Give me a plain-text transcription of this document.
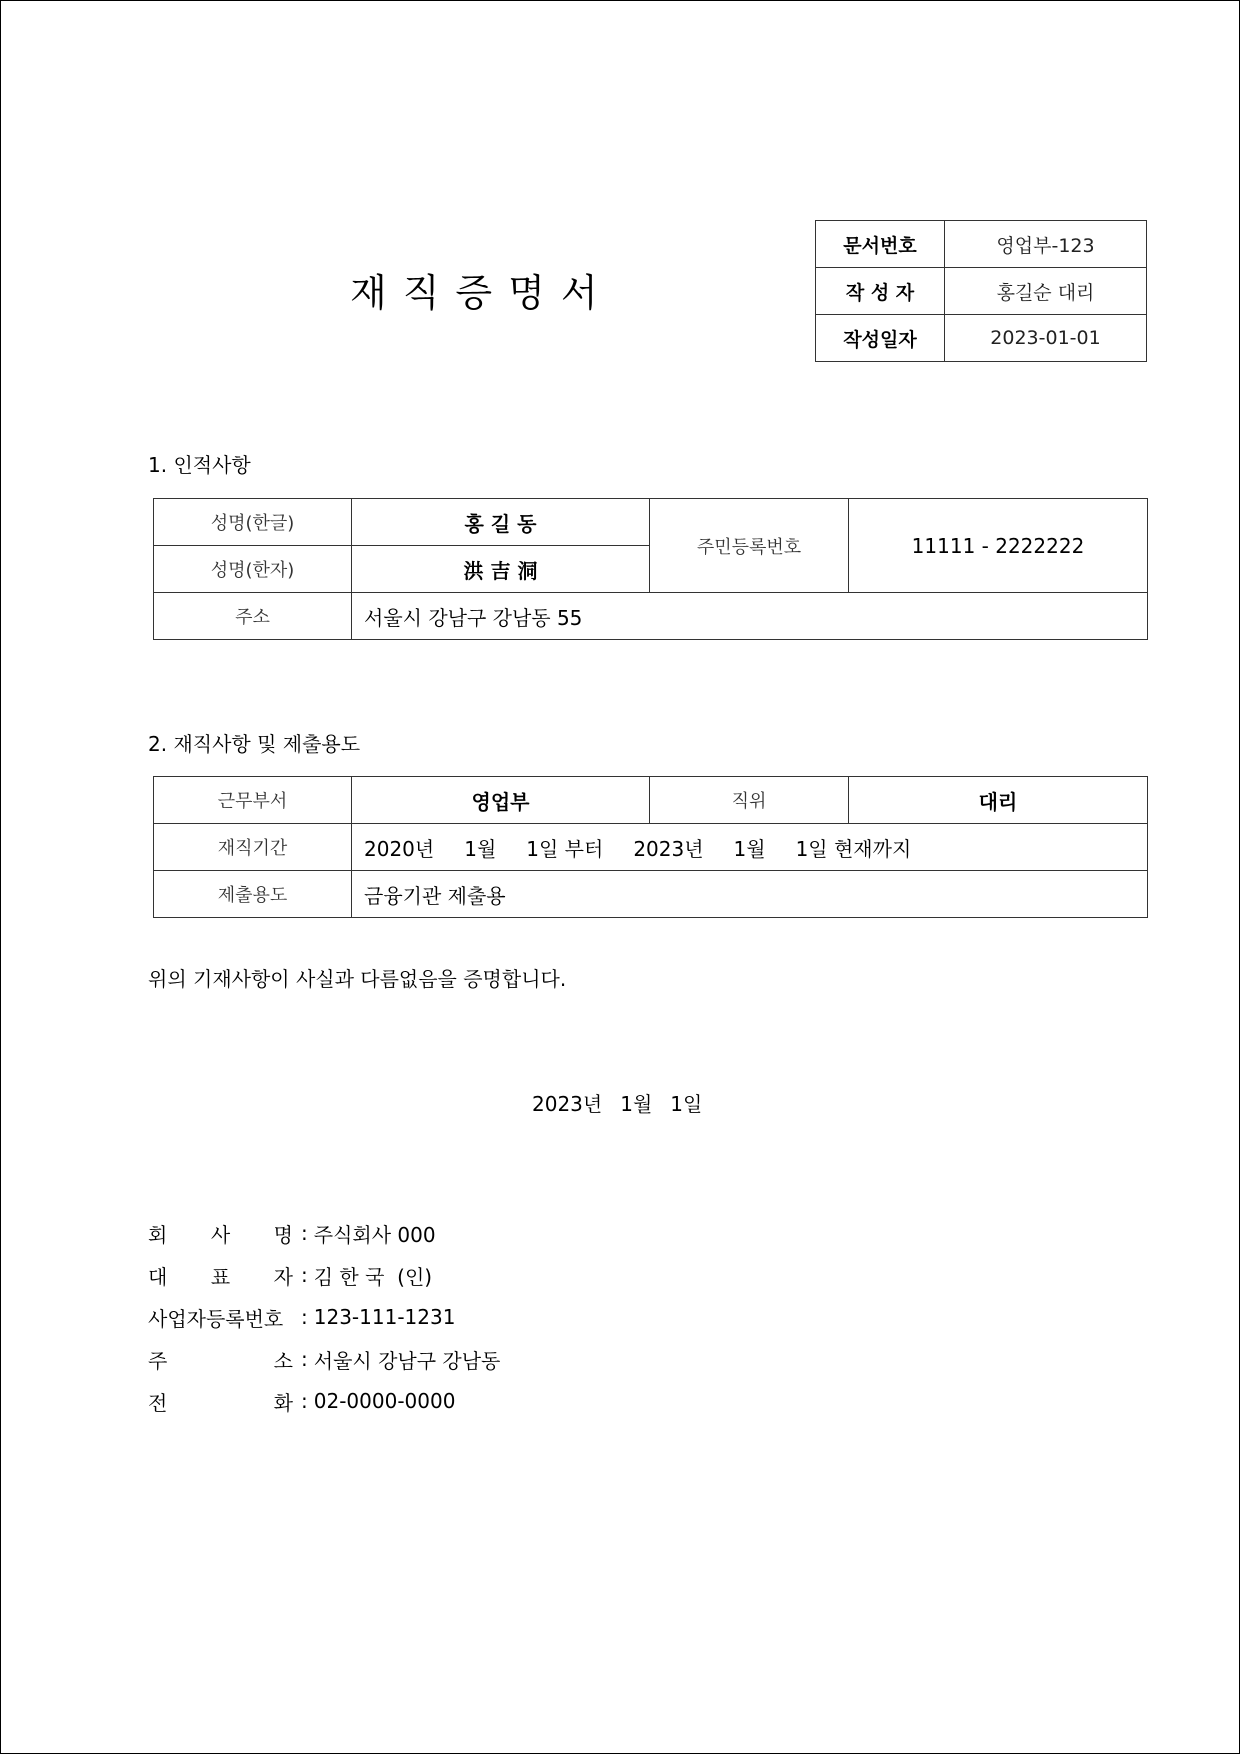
문서번호	영업부-123
작 성 자	홍길순 대리
작성일자	2023-01-01
재직증명서
1. 인적사항
성명(한글)	홍 길 동	주민등록번호	11111 - 2222222
성명(한자)	洪 吉 洞		
주소	서울시 강남구 강남동 55		
2. 재직사항 및 제출용도
근무부서	영업부	직위	대리
재직기간	2020년 1월 1일 부터 2023년 1월 1일 현재까지		
제출용도	금융기관 제출용		
위의 기재사항이 사실과 다름없음을 증명합니다.
2023년 1월 1일
회 사 명 : 주식회사 000
대 표 자 : 김 한 국  (인)
사업자등록번호 : 123-111-1231
주	소 : 서울시 강남구 강남동
전	화 : 02-0000-0000
